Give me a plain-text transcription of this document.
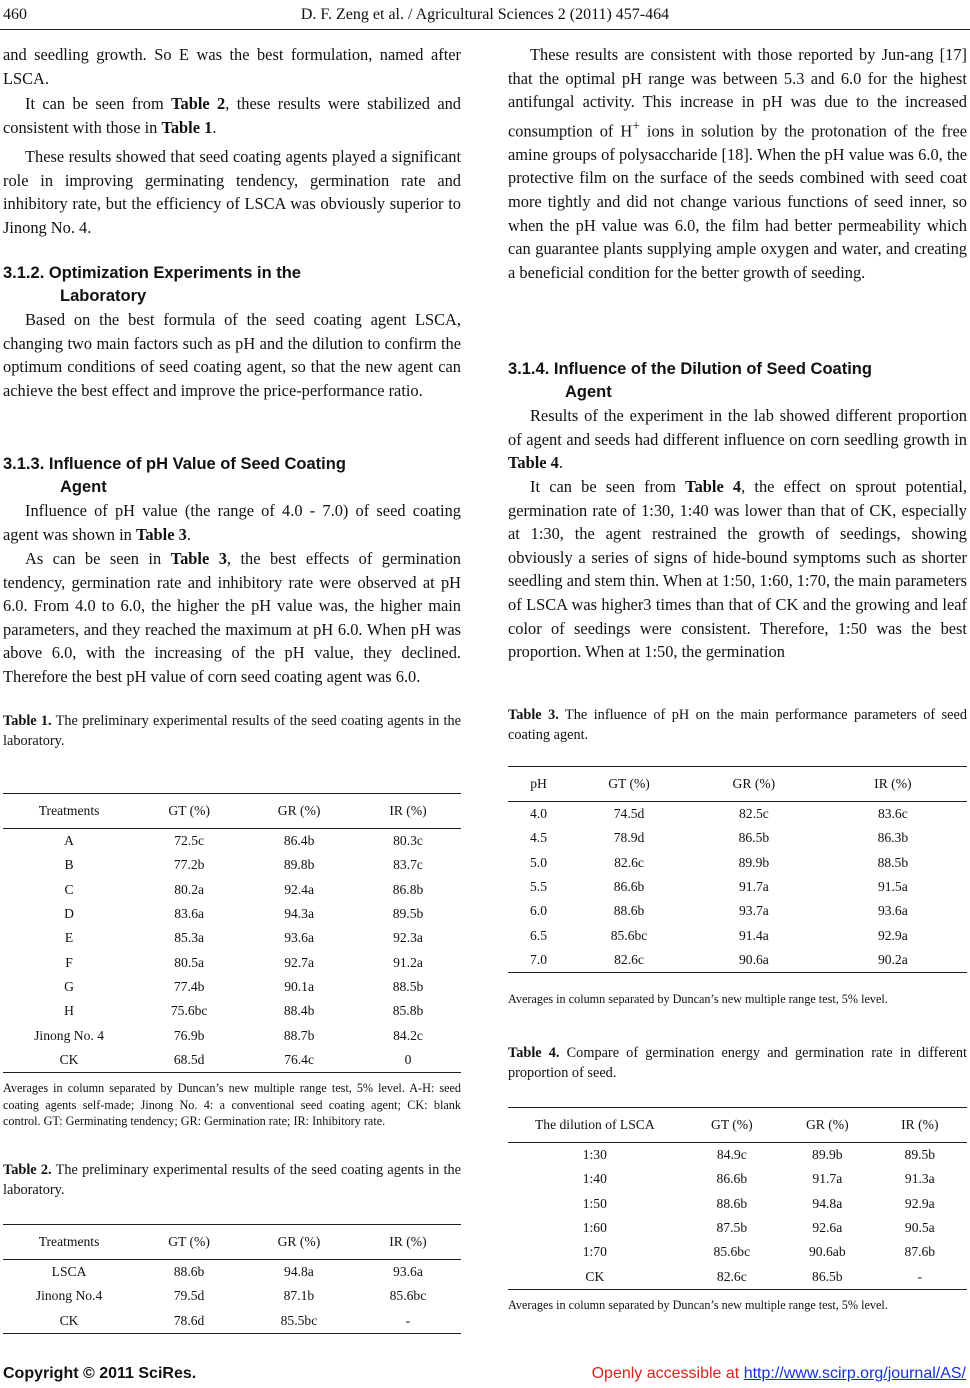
460	D. F. Zeng et al. / Agricultural Sciences 2 (2011) 457-464

and seedling growth. So E was the best formulation, named after LSCA.

It can be seen from Table 2, these results were stabilized and consistent with those in Table 1.

These results showed that seed coating agents played a significant role in improving germinating tendency, germination rate and inhibitory rate, but the efficiency of LSCA was obviously superior to Jinong No. 4.

3.1.2. Optimization Experiments in the
Laboratory

Based on the best formula of the seed coating agent LSCA, changing two main factors such as pH and the dilution to confirm the optimum conditions of seed coating agent, so that the new agent can achieve the best effect and improve the price-performance ratio.

3.1.3. Influence of pH Value of Seed Coating
Agent

Influence of pH value (the range of 4.0 - 7.0) of seed coating agent was shown in Table 3.

As can be seen in Table 3, the best effects of germination tendency, germination rate and inhibitory rate were observed at pH 6.0. From 4.0 to 6.0, the higher the pH value was, the higher main parameters, and they reached the maximum at pH 6.0. When pH was above 6.0, with the increasing of the pH value, they declined. Therefore the best pH value of corn seed coating agent was 6.0.

Table 1. The preliminary experimental results of the seed coating agents in the laboratory.
Treatments	GT (%)	GR (%)	IR (%)
A	72.5c	86.4b	80.3c
B	77.2b	89.8b	83.7c
C	80.2a	92.4a	86.8b
D	83.6a	94.3a	89.5b
E	85.3a	93.6a	92.3a
F	80.5a	92.7a	91.2a
G	77.4b	90.1a	88.5b
H	75.6bc	88.4b	85.8b
Jinong No. 4	76.9b	88.7b	84.2c
CK	68.5d	76.4c	0
Averages in column separated by Duncan’s new multiple range test, 5% level. A-H: seed coating agents self-made; Jinong No. 4: a conventional seed coating agent; CK: blank control. GT: Germinating tendency; GR: Germination rate; IR: Inhibitory rate.
Table 2. The preliminary experimental results of the seed coating agents in the laboratory.
Treatments	GT (%)	GR (%)	IR (%)
LSCA	88.6b	94.8a	93.6a
Jinong No.4	79.5d	87.1b	85.6bc
CK	78.6d	85.5bc	-

These results are consistent with those reported by Jun-ang [17] that the optimal pH range was between 5.3 and 6.0 for the highest antifungal activity. This increase in pH was due to the increased consumption of H+ ions in solution by the protonation of the free amine groups of polysaccharide [18]. When the pH value was 6.0, the protective film on the surface of the seeds combined with seed coat more tightly and did not change various functions of seed inner, so when the pH value was 6.0, the film had better permeability which can guarantee plants supplying ample oxygen and water, and creating a beneficial condition for the better growth of seeding.

3.1.4. Influence of the Dilution of Seed Coating
Agent

Results of the experiment in the lab showed different proportion of agent and seeds had different influence on corn seedling growth in Table 4.

It can be seen from Table 4, the effect on sprout potential, germination rate of 1:30, 1:40 was lower than that of CK, especially at 1:30, the agent restrained the growth of seedings, showing obviously a series of signs of hide-bound symptoms such as shorter seedling and stem thin. When at 1:50, 1:60, 1:70, the main parameters of LSCA was higher3 times than that of CK and the growing and leaf color of seedings were consistent. Therefore, 1:50 was the best proportion. When at 1:50, the germination

Table 3. The influence of pH on the main performance parameters of seed coating agent.
pH	GT (%)	GR (%)	IR (%)
4.0	74.5d	82.5c	83.6c
4.5	78.9d	86.5b	86.3b
5.0	82.6c	89.9b	88.5b
5.5	86.6b	91.7a	91.5a
6.0	88.6b	93.7a	93.6a
6.5	85.6bc	91.4a	92.9a
7.0	82.6c	90.6a	90.2a
Averages in column separated by Duncan’s new multiple range test, 5% level.
Table 4. Compare of germination energy and germination rate in different proportion of seed.
The dilution of LSCA	GT (%)	GR (%)	IR (%)
1:30	84.9c	89.9b	89.5b
1:40	86.6b	91.7a	91.3a
1:50	88.6b	94.8a	92.9a
1:60	87.5b	92.6a	90.5a
1:70	85.6bc	90.6ab	87.6b
CK	82.6c	86.5b	-
Averages in column separated by Duncan’s new multiple range test, 5% level.
Copyright © 2011 SciRes.	Openly accessible at http://www.scirp.org/journal/AS/
